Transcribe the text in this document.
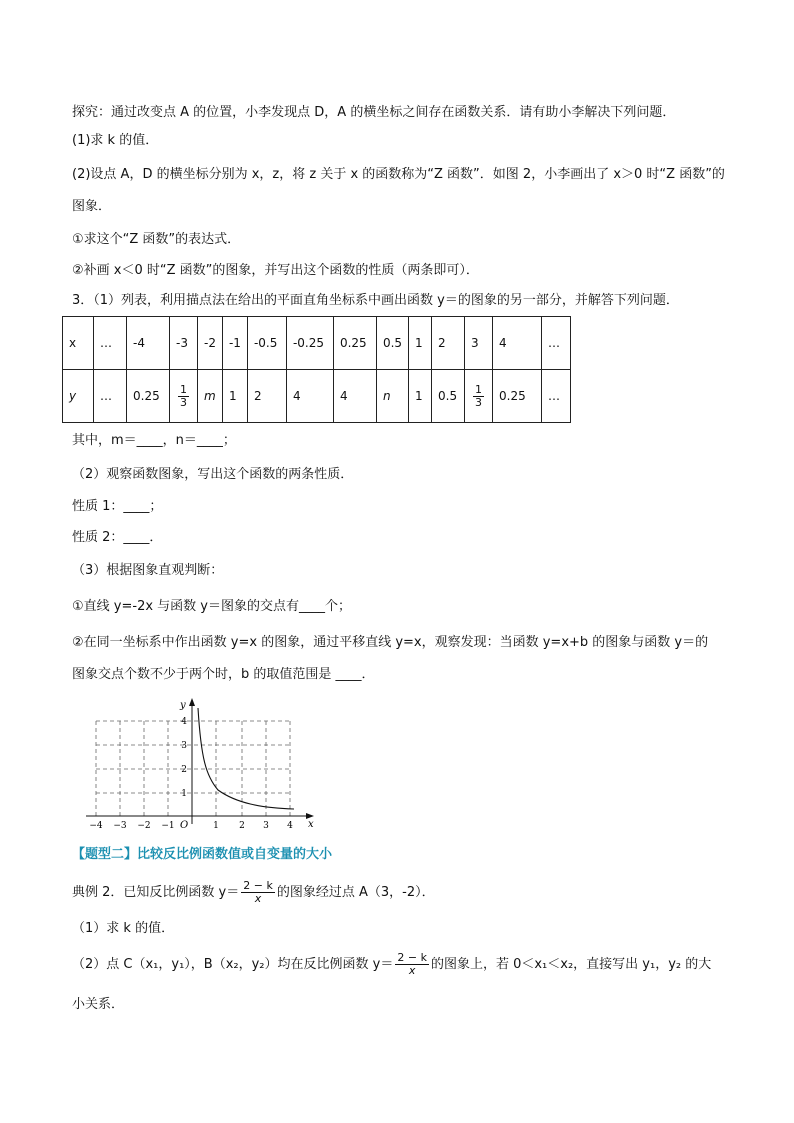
探究：通过改变点 A 的位置，小李发现点 D，A 的横坐标之间存在函数关系．请有助小李解决下列问题．
(1)求 k 的值．
(2)设点 A，D 的横坐标分别为 x，z，将 z 关于 x 的函数称为“Z 函数”．如图 2，小李画出了 x＞0 时“Z 函数”的
图象．
①求这个“Z 函数”的表达式．
②补画 x＜0 时“Z 函数”的图象，并写出这个函数的性质（两条即可）．
3．（1）列表，利用描点法在给出的平面直角坐标系中画出函数 y＝的图象的另一部分，并解答下列问题．
x	…	-4	-3	-2	-1	-0.5	-0.25	0.25	0.5	1	2	3	4	…
y	…	0.25	$\frac{1}{3}$	m	1	2	4	4	n	1	0.5	$\frac{1}{3}$	0.25	…
其中，m＝____，n＝____；
（2）观察函数图象，写出这个函数的两条性质．
性质 1：____；
性质 2：____．
（3）根据图象直观判断：
①直线 y=-2x 与函数 y＝图象的交点有____个；
②在同一坐标系中作出函数 y=x 的图象，通过平移直线 y=x，观察发现：当函数 y=x+b 的图象与函数 y＝的
图象交点个数不少于两个时，b 的取值范围是 ____．
y
x
O
−4 −3 −2 −1	1 2 3 4
1
2
3
4
【题型二】比较反比例函数值或自变量的大小
典例 2．已知反比例函数 $y= \frac{2 - k}{x}$ 的图象经过点 A（3，-2）．
（1）求 k 的值．
（2）点 C（x₁，y₁），B（x₂，y₂）均在反比例函数 $y= \frac{2 - k}{x}$ 的图象上，若 0＜x₁＜x₂，直接写出 y₁，y₂ 的大
小关系．
